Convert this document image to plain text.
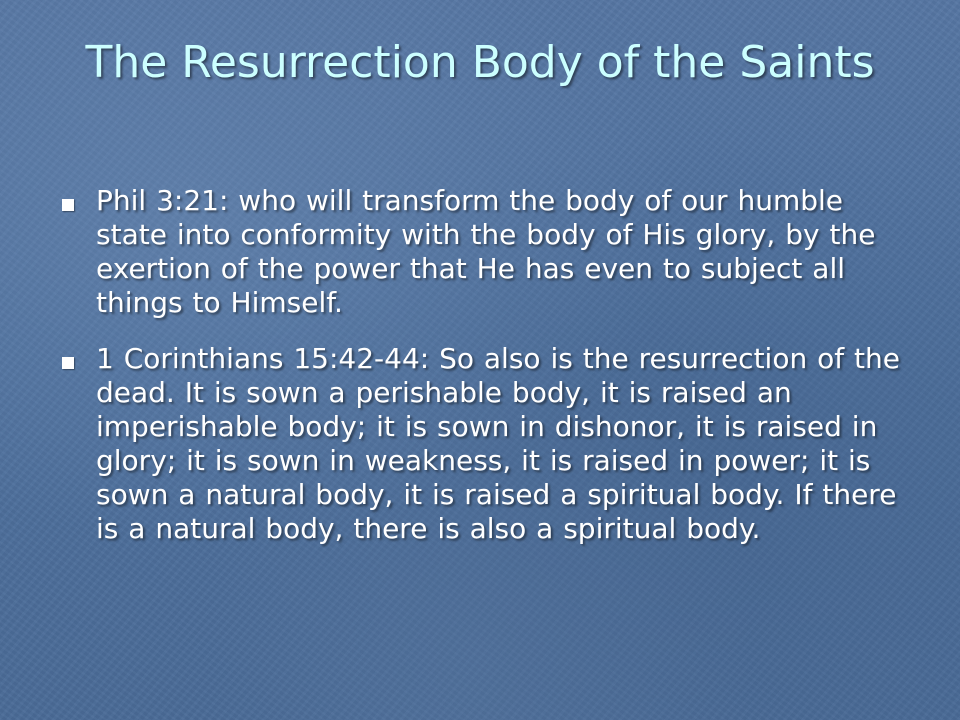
The Resurrection Body of the Saints
Phil 3:21: who will transform the body of our humble state into conformity with the body of His glory, by the exertion of the power that He has even to subject all things to Himself.
1 Corinthians 15:42-44: So also is the resurrection of the dead. It is sown a perishable body, it is raised an imperishable body; it is sown in dishonor, it is raised in glory; it is sown in weakness, it is raised in power; it is sown a natural body, it is raised a spiritual body. If there is a natural body, there is also a spiritual body.
